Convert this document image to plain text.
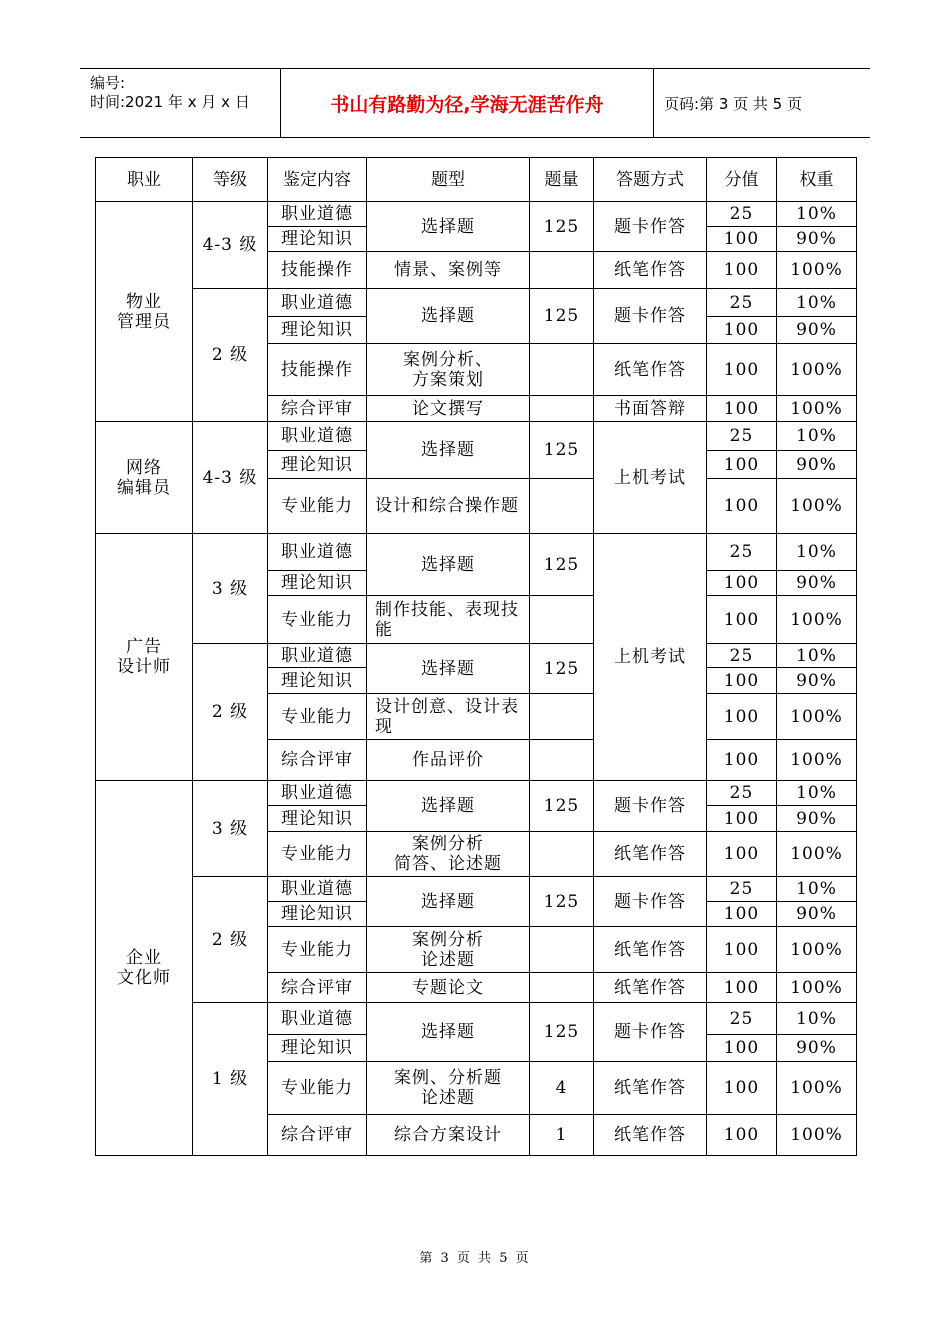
编号:
时间:2021 年 x 月 x 日	书山有路勤为径,学海无涯苦作舟	页码:第 3 页 共 5 页
职业	等级	鉴定内容	题型	题量	答题方式	分值	权重
物业
管理员	4-3 级	职业道德	选择题	125	题卡作答	25	10%
		理论知识				100	90%
		技能操作	情景、案例等		纸笔作答	100	100%
	2 级	职业道德	选择题	125	题卡作答	25	10%
		理论知识				100	90%
		技能操作	案例分析、
方案策划		纸笔作答	100	100%
		综合评审	论文撰写		书面答辩	100	100%

网络
编辑员	4-3 级	职业道德	选择题	125	上机考试	25	10%
		理论知识				100	90%
		专业能力	设计和综合操作题			100	100%
广告
设计师	3 级	职业道德	选择题	125	上机考试	25	10%
		理论知识				100	90%
		专业能力	制作技能、表现技能			100	100%
	2 级	职业道德	选择题	125		25	10%
		理论知识				100	90%
		专业能力	设计创意、设计表现			100	100%
		综合评审	作品评价			100	100%
企业
文化师	3 级	职业道德	选择题	125	题卡作答	25	10%
		理论知识				100	90%
		专业能力	案例分析
简答、论述题		纸笔作答	100	100%
	2 级	职业道德	选择题	125	题卡作答	25	10%
		理论知识				100	90%
		专业能力	案例分析
论述题		纸笔作答	100	100%
		综合评审	专题论文		纸笔作答	100	100%
	1 级	职业道德	选择题	125	题卡作答	25	10%
		理论知识				100	90%
		专业能力	案例、分析题
论述题	4	纸笔作答	100	100%
		综合评审	综合方案设计	1	纸笔作答	100	100%
第 3 页 共 5 页
